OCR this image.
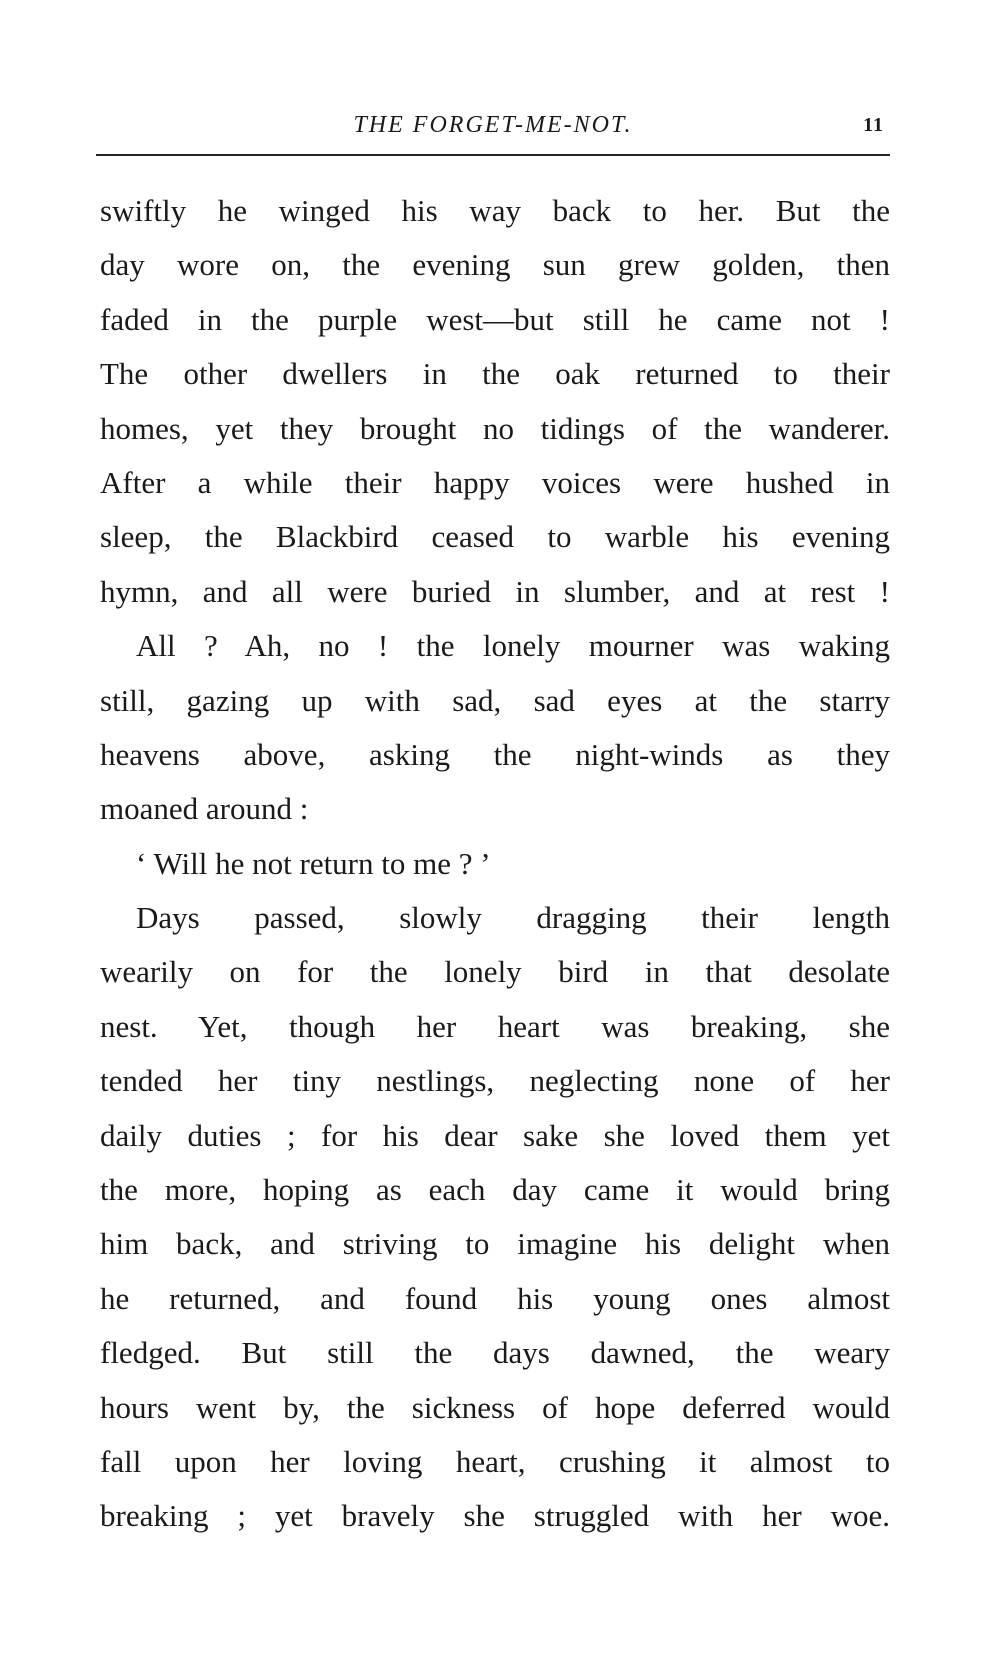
THE FORGET-ME-NOT.	11
swiftly he winged his way back to her. But the
day wore on, the evening sun grew golden, then
faded in the purple west—but still he came not !
The other dwellers in the oak returned to their
homes, yet they brought no tidings of the wanderer.
After a while their happy voices were hushed in
sleep, the Blackbird ceased to warble his evening
hymn, and all were buried in slumber, and at rest !
All ? Ah, no ! the lonely mourner was waking
still, gazing up with sad, sad eyes at the starry
heavens above, asking the night-winds as they
moaned around :
‘ Will he not return to me ? ’
Days passed, slowly dragging their length
wearily on for the lonely bird in that desolate
nest. Yet, though her heart was breaking, she
tended her tiny nestlings, neglecting none of her
daily duties ; for his dear sake she loved them yet
the more, hoping as each day came it would bring
him back, and striving to imagine his delight when
he returned, and found his young ones almost
fledged. But still the days dawned, the weary
hours went by, the sickness of hope deferred would
fall upon her loving heart, crushing it almost to
breaking ; yet bravely she struggled with her woe.
